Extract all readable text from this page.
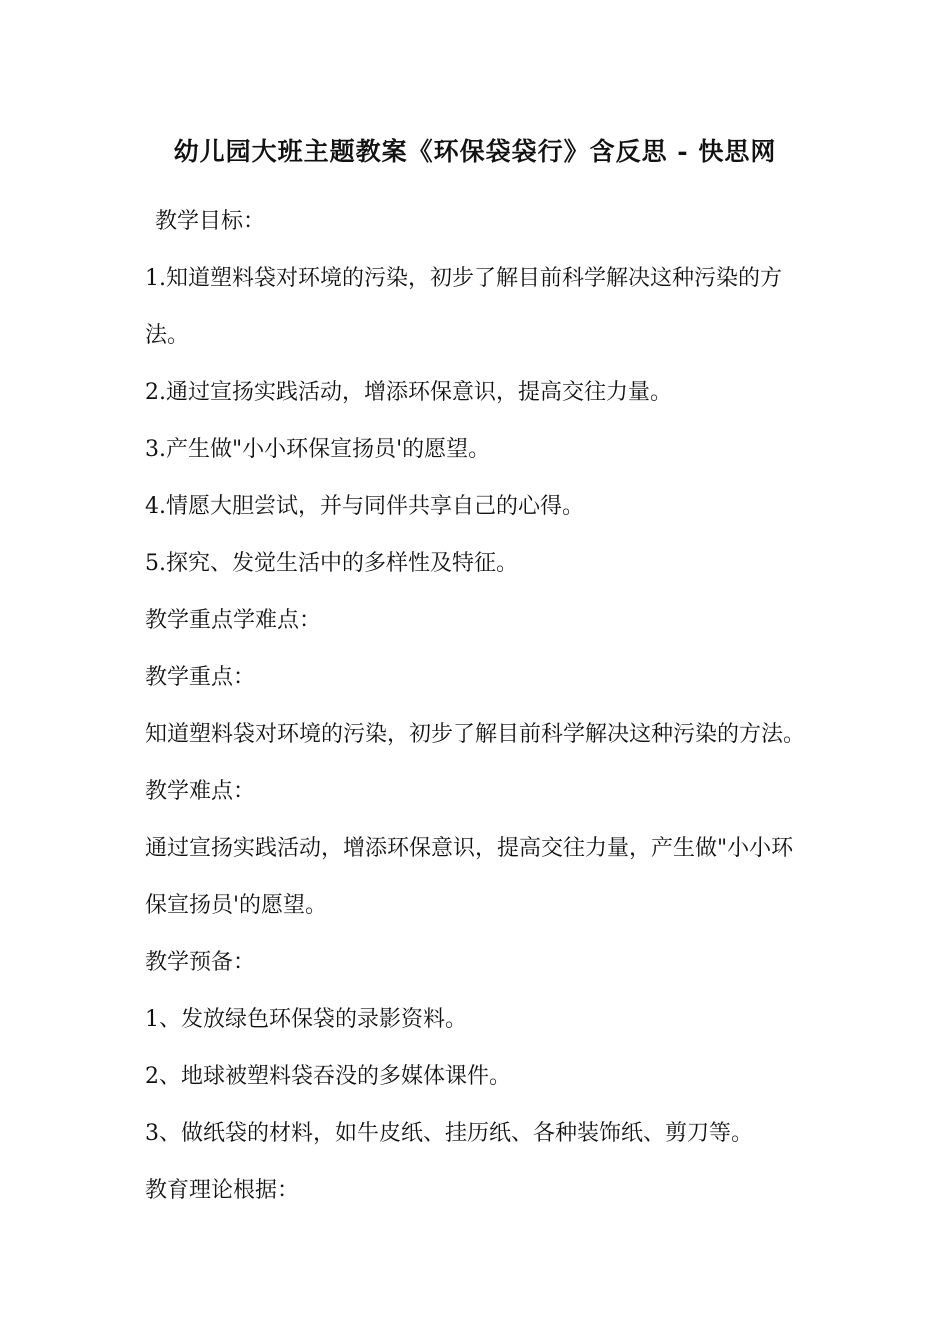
幼儿园大班主题教案《环保袋袋行》含反思 - 快思网
教学目标：
1.知道塑料袋对环境的污染，初步了解目前科学解决这种污染的方
法。
2.通过宣扬实践活动，增添环保意识，提高交往力量。
3.产生做"小小环保宣扬员'的愿望。
4.情愿大胆尝试，并与同伴共享自己的心得。
5.探究、发觉生活中的多样性及特征。
教学重点学难点：
教学重点：
知道塑料袋对环境的污染，初步了解目前科学解决这种污染的方法。
教学难点：
通过宣扬实践活动，增添环保意识，提高交往力量，产生做"小小环
保宣扬员'的愿望。
教学预备：
1、发放绿色环保袋的录影资料。
2、地球被塑料袋吞没的多媒体课件。
3、做纸袋的材料，如牛皮纸、挂历纸、各种装饰纸、剪刀等。
教育理论根据：
